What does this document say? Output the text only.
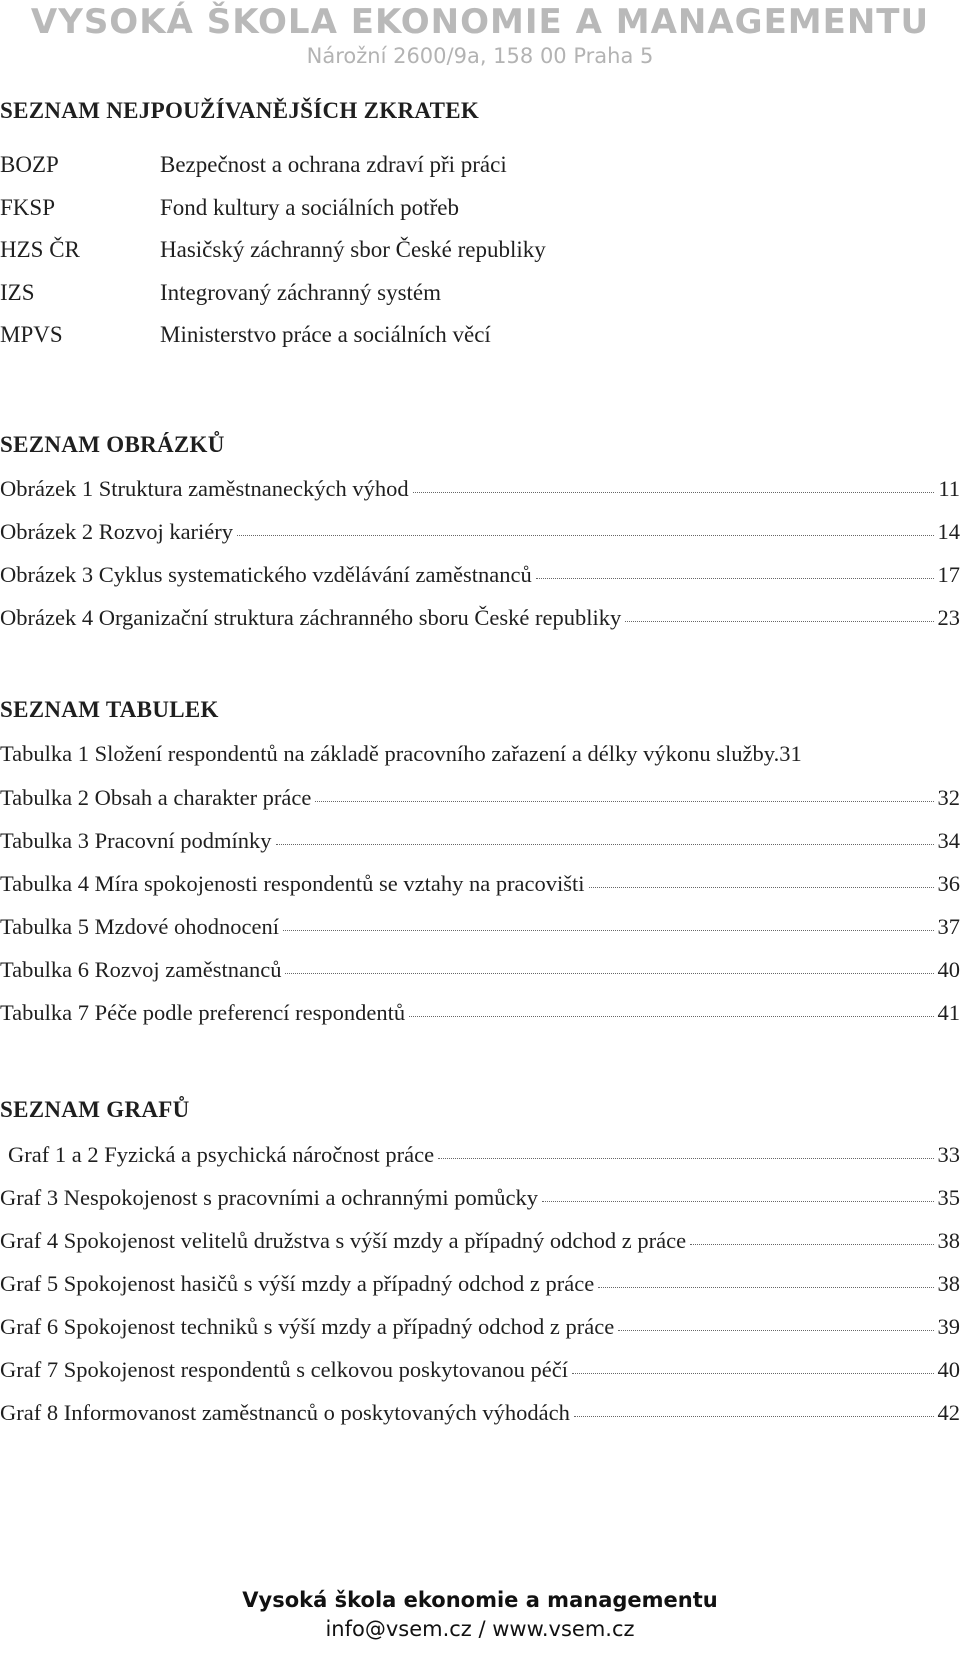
VYSOKÁ ŠKOLA EKONOMIE A MANAGEMENTU
Nárožní 2600/9a, 158 00 Praha 5
SEZNAM NEJPOUŽÍVANĚJŠÍCH ZKRATEK
BOZP	Bezpečnost a ochrana zdraví při práci
FKSP	Fond kultury a sociálních potřeb
HZS ČR	Hasičský záchranný sbor České republiky
IZS	Integrovaný záchranný systém
MPVS	Ministerstvo práce a sociálních věcí
SEZNAM OBRÁZKŮ
Obrázek 1 Struktura zaměstnaneckých výhod	11
Obrázek 2 Rozvoj kariéry	14
Obrázek 3 Cyklus systematického vzdělávání zaměstnanců	17
Obrázek 4 Organizační struktura záchranného sboru České republiky	23
SEZNAM TABULEK
Tabulka 1 Složení respondentů na základě pracovního zařazení a délky výkonu služby. 31
Tabulka 2 Obsah a charakter práce	32
Tabulka 3 Pracovní podmínky	34
Tabulka 4 Míra spokojenosti respondentů se vztahy na pracovišti	36
Tabulka 5 Mzdové ohodnocení	37
Tabulka 6 Rozvoj zaměstnanců	40
Tabulka 7 Péče podle preferencí respondentů	41
SEZNAM GRAFŮ
Graf 1 a 2 Fyzická a psychická náročnost práce	33
Graf 3 Nespokojenost s pracovními a ochrannými pomůcky	35
Graf 4 Spokojenost velitelů družstva s výší mzdy a případný odchod z práce	38
Graf 5 Spokojenost hasičů s výší mzdy a případný odchod z práce	38
Graf 6 Spokojenost techniků s výší mzdy a případný odchod z práce	39
Graf 7 Spokojenost respondentů s celkovou poskytovanou péčí	40
Graf 8 Informovanost zaměstnanců o poskytovaných výhodách	42
Vysoká škola ekonomie a managementu
info@vsem.cz / www.vsem.cz
